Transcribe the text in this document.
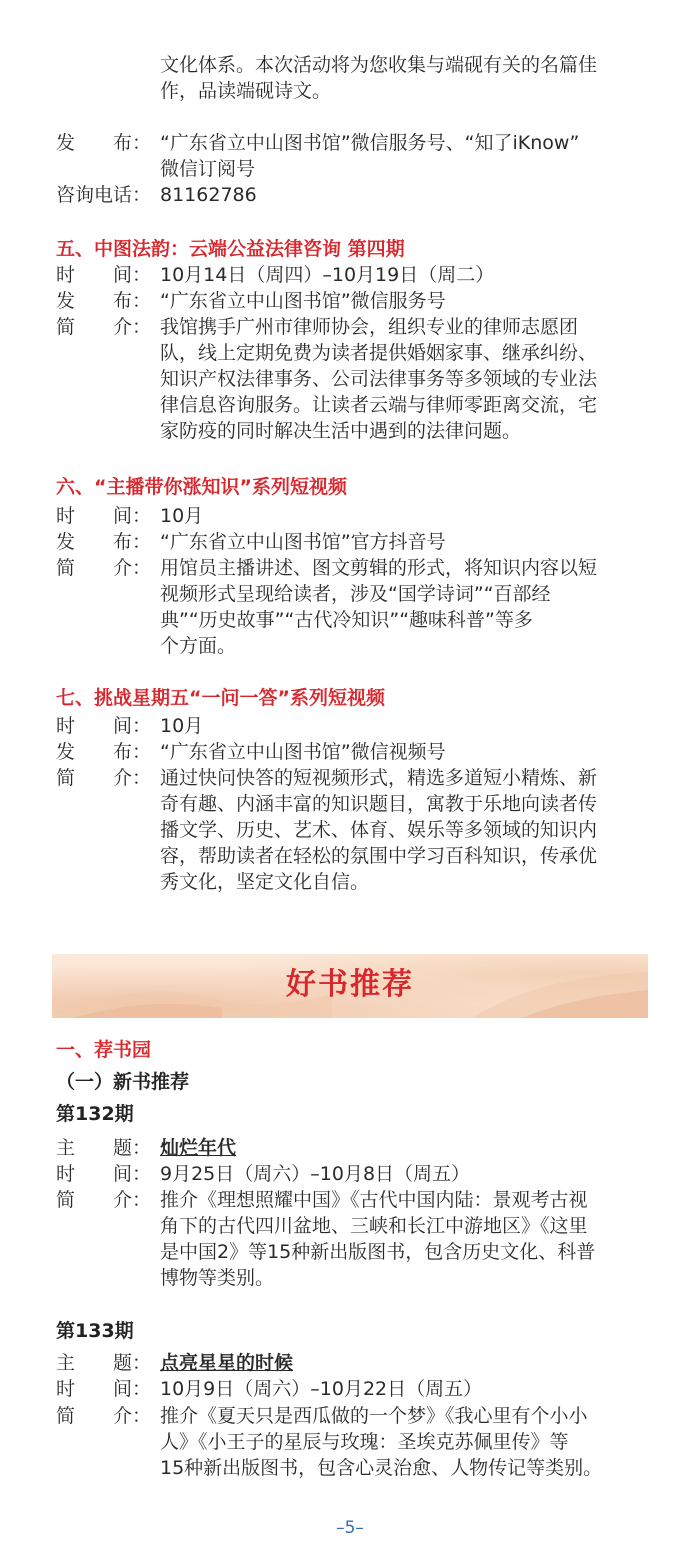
文化体系。本次活动将为您收集与端砚有关的名篇佳
作，品读端砚诗文。
发　　布： “广东省立中山图书馆”微信服务号、“知了iKnow”
微信订阅号
咨询电话： 81162786
五、中图法韵：云端公益法律咨询 第四期
时　　间： 10月14日（周四）–10月19日（周二）
发　　布： “广东省立中山图书馆”微信服务号
简　　介： 我馆携手广州市律师协会，组织专业的律师志愿团
队，线上定期免费为读者提供婚姻家事、继承纠纷、
知识产权法律事务、公司法律事务等多领域的专业法
律信息咨询服务。让读者云端与律师零距离交流，宅
家防疫的同时解决生活中遇到的法律问题。
六、“主播带你涨知识”系列短视频
时　　间： 10月
发　　布： “广东省立中山图书馆”官方抖音号
简　　介： 用馆员主播讲述、图文剪辑的形式，将知识内容以短
视频形式呈现给读者，涉及“国学诗词”“百部经
典”“历史故事”“古代冷知识”“趣味科普”等多
个方面。
七、挑战星期五“一问一答”系列短视频
时　　间： 10月
发　　布： “广东省立中山图书馆”微信视频号
简　　介： 通过快问快答的短视频形式，精选多道短小精炼、新
奇有趣、内涵丰富的知识题目，寓教于乐地向读者传
播文学、历史、艺术、体育、娱乐等多领域的知识内
容，帮助读者在轻松的氛围中学习百科知识，传承优
秀文化，坚定文化自信。
好书推荐
一、荐书园
（一）新书推荐
第132期
主　　题： 灿烂年代
时　　间： 9月25日（周六）–10月8日（周五）
简　　介： 推介《理想照耀中国》《古代中国内陆：景观考古视
角下的古代四川盆地、三峡和长江中游地区》《这里
是中国2》等15种新出版图书，包含历史文化、科普
博物等类别。
第133期
主　　题： 点亮星星的时候
时　　间： 10月9日（周六）–10月22日（周五）
简　　介： 推介《夏天只是西瓜做的一个梦》《我心里有个小小
人》《小王子的星辰与玫瑰：圣埃克苏佩里传》等
15种新出版图书，包含心灵治愈、人物传记等类别。
–5–
